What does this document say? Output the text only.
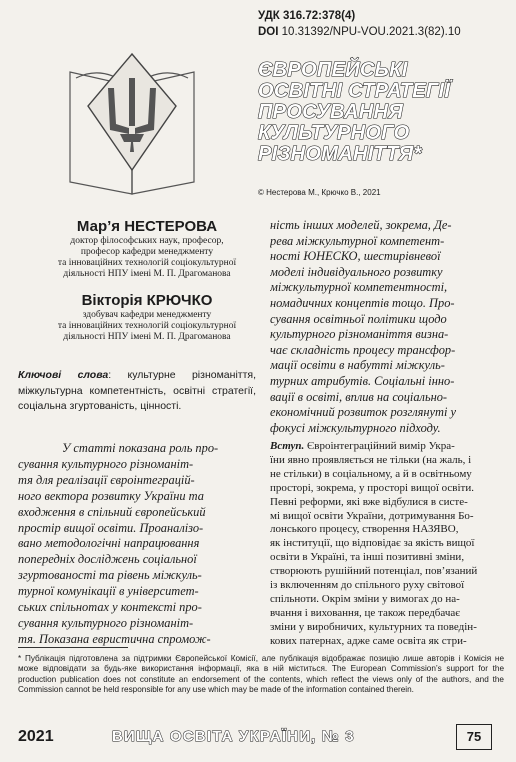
УДК 316.72:378(4)
DOI 10.31392/NPU-VOU.2021.3(82).10
ЄВРОПЕЙСЬКІ
ОСВІТНІ СТРАТЕГІЇ
ПРОСУВАННЯ
КУЛЬТУРНОГО
РІЗНОМАНІТТЯ*
© Нестерова М., Крючко В., 2021
Мар’я НЕСТЕРОВА
доктор філософських наук, професор,
професор кафедри менеджменту
та інноваційних технологій соціокультурної
діяльності НПУ імені М. П. Драгоманова
Вікторія КРЮЧКО
здобувач кафедри менеджменту
та інноваційних технологій соціокультурної
діяльності НПУ імені М. П. Драгоманова
Ключові слова: культурне різноманіття, міжкультурна компетентність, освітні стратегії, соціальна згуртованість, цінності.
У статті показана роль про-
сування культурного різноманіт-
тя для реалізації євроінтеграцій-
ного вектора розвитку України та
входження в спільний європейський
простір вищої освіти. Проаналізо-
вано методологічні напрацювання
попередніх досліджень соціальної
згуртованості та рівень міжкуль-
турної комунікації в університет-
ських спільнотах у контексті про-
сування культурного різноманіт-
тя. Показана евристична спромож-
ність інших моделей, зокрема, Де-
рева міжкультурної компетент-
ності ЮНЕСКО, шестирівневої
моделі індивідуального розвитку
міжкультурної компетентності,
номадичних концептів тощо. Про-
сування освітньої політики щодо
культурного різноманіття визна-
чає складність процесу трансфор-
мації освіти в набутті міжкуль-
турних атрибутів. Соціальні інно-
вації в освіті, вплив на соціально-
економічний розвиток розглянуті у
фокусі міжкультурного підходу.
Вступ. Євроінтеграційний вимір Укра-
їни явно проявляється не тільки (на жаль, і
не стільки) в соціальному, а й в освітньому
просторі, зокрема, у просторі вищої освіти.
Певні реформи, які вже відбулися в систе-
мі вищої освіти України, дотримування Бо-
лонського процесу, створення НАЗЯВО,
як інституції, що відповідає за якість вищої
освіти в Україні, та інші позитивні зміни,
створюють рушійний потенціал, пов’язаний
із включенням до спільного руху світової
спільноти. Окрім зміни у вимогах до на-
вчання і виховання, це також передбачає
зміни у виробничих, культурних та поведін-
кових патернах, адже саме освіта як стри-
* Публікація підготовлена за підтримки Європейської Комісії, але публікація відображає позицію лише авторів і Комісія не може відповідати за будь-яке використання інформації, яка в ній міститься. The European Commission’s support for the production publication does not constitute an endorsement of the contents, which reflect the views only of the authors, and the Commission cannot be held responsible for any use which may be made of the information contained therein.
2021	ВИЩА ОСВІТА УКРАЇНИ, № 3	75
